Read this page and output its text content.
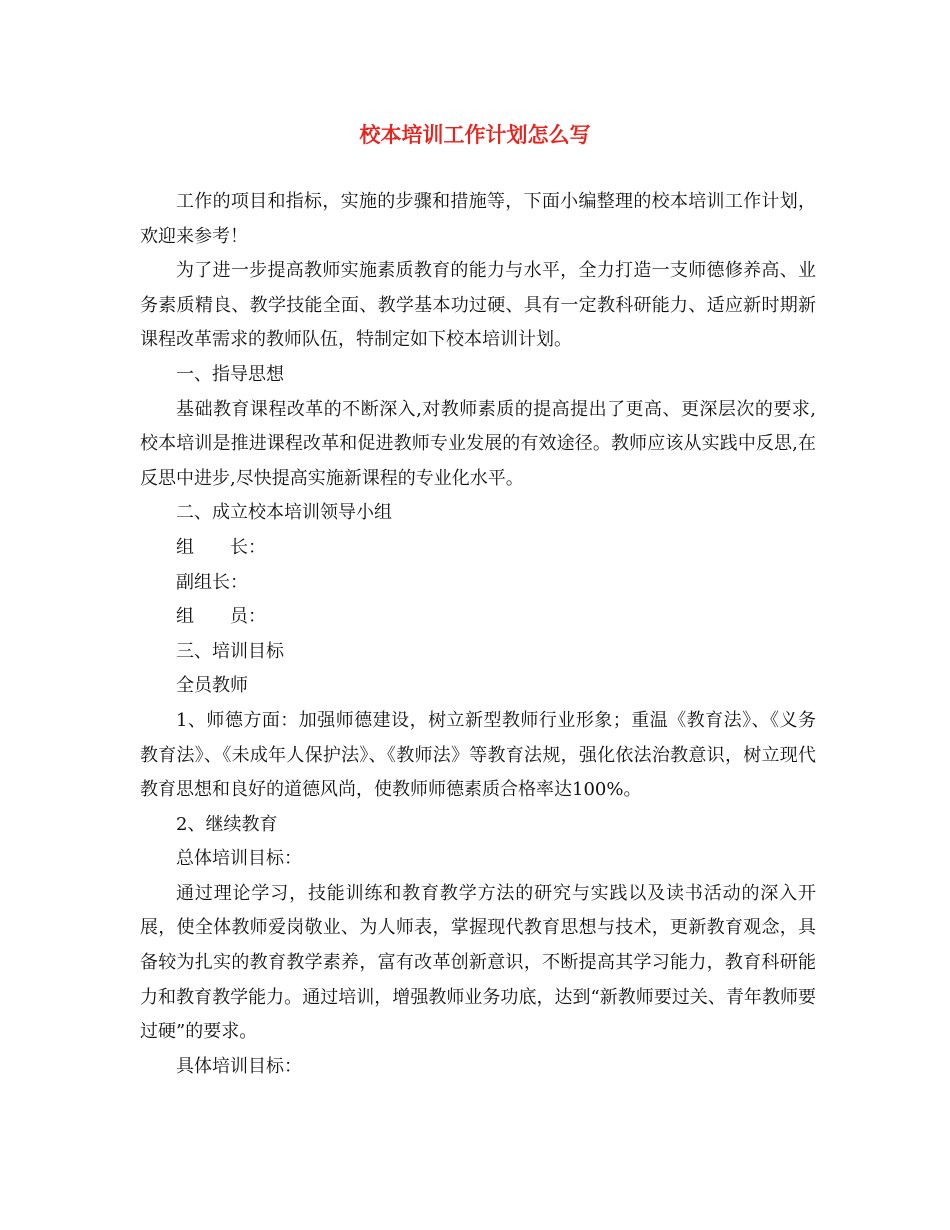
校本培训工作计划怎么写

工作的项目和指标，实施的步骤和措施等，下面小编整理的校本培训工作计划，欢迎来参考！

为了进一步提高教师实施素质教育的能力与水平，全力打造一支师德修养高、业务素质精良、教学技能全面、教学基本功过硬、具有一定教科研能力、适应新时期新课程改革需求的教师队伍，特制定如下校本培训计划。

一、指导思想

基础教育课程改革的不断深入,对教师素质的提高提出了更高、更深层次的要求, 校本培训是推进课程改革和促进教师专业发展的有效途径。教师应该从实践中反思,在反思中进步,尽快提高实施新课程的专业化水平。

二、成立校本培训领导小组

组　　长：

副组长：

组　　员：

三、培训目标

全员教师

1、师德方面：加强师德建设，树立新型教师行业形象；重温《教育法》、《义务教育法》、《未成年人保护法》、《教师法》等教育法规，强化依法治教意识，树立现代教育思想和良好的道德风尚，使教师师德素质合格率达100%。

2、继续教育

总体培训目标：

通过理论学习，技能训练和教育教学方法的研究与实践以及读书活动的深入开展，使全体教师爱岗敬业、为人师表，掌握现代教育思想与技术，更新教育观念，具备较为扎实的教育教学素养，富有改革创新意识，不断提高其学习能力，教育科研能力和教育教学能力。通过培训，增强教师业务功底，达到“新教师要过关、青年教师要过硬”的要求。

具体培训目标：
